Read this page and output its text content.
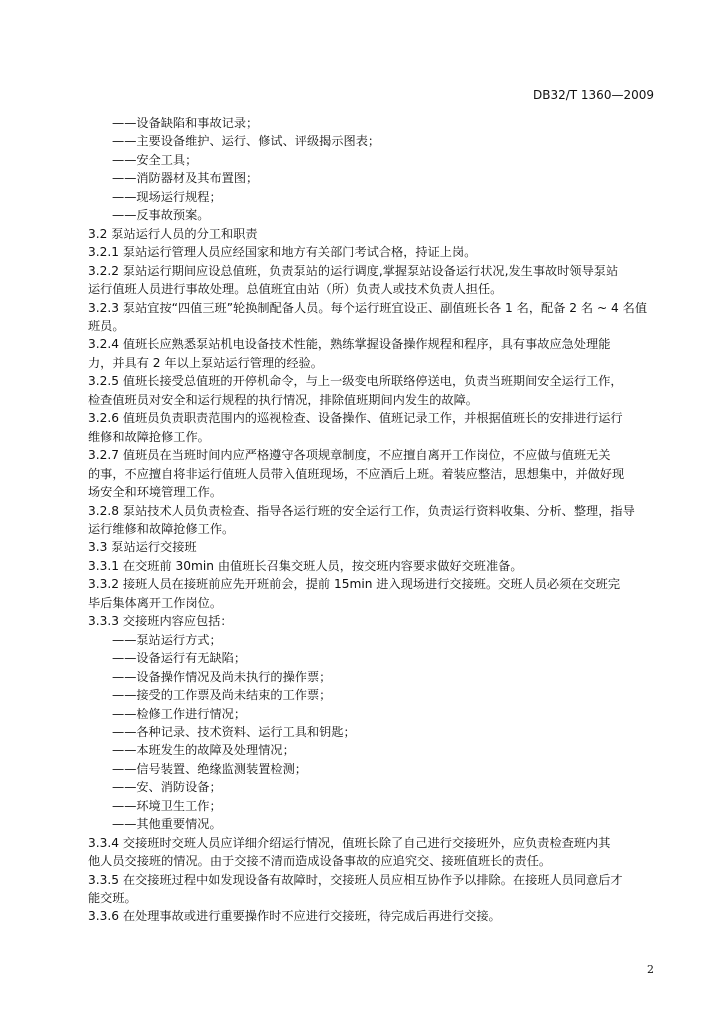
DB32/T 1360—2009
——设备缺陷和事故记录；
——主要设备维护、运行、修试、评级揭示图表；
——安全工具；
——消防器材及其布置图；
——现场运行规程；
——反事故预案。
3.2 泵站运行人员的分工和职责
3.2.1 泵站运行管理人员应经国家和地方有关部门考试合格，持证上岗。
3.2.2 泵站运行期间应设总值班，负责泵站的运行调度,掌握泵站设备运行状况,发生事故时领导泵站
运行值班人员进行事故处理。总值班宜由站（所）负责人或技术负责人担任。
3.2.3 泵站宜按“四值三班”轮换制配备人员。每个运行班宜设正、副值班长各 1 名，配备 2 名 ~ 4 名值
班员。
3.2.4 值班长应熟悉泵站机电设备技术性能，熟练掌握设备操作规程和程序，具有事故应急处理能
力，并具有 2 年以上泵站运行管理的经验。
3.2.5 值班长接受总值班的开停机命令，与上一级变电所联络停送电，负责当班期间安全运行工作，
检查值班员对安全和运行规程的执行情况，排除值班期间内发生的故障。
3.2.6 值班员负责职责范围内的巡视检查、设备操作、值班记录工作，并根据值班长的安排进行运行
维修和故障抢修工作。
3.2.7 值班员在当班时间内应严格遵守各项规章制度，不应擅自离开工作岗位，不应做与值班无关
的事，不应擅自将非运行值班人员带入值班现场，不应酒后上班。着装应整洁，思想集中，并做好现
场安全和环境管理工作。
3.2.8 泵站技术人员负责检查、指导各运行班的安全运行工作，负责运行资料收集、分析、整理，指导
运行维修和故障抢修工作。
3.3 泵站运行交接班
3.3.1 在交班前 30min 由值班长召集交班人员，按交班内容要求做好交班准备。
3.3.2 接班人员在接班前应先开班前会，提前 15min 进入现场进行交接班。交班人员必须在交班完
毕后集体离开工作岗位。
3.3.3 交接班内容应包括：
——泵站运行方式；
——设备运行有无缺陷；
——设备操作情况及尚未执行的操作票；
——接受的工作票及尚未结束的工作票；
——检修工作进行情况；
——各种记录、技术资料、运行工具和钥匙；
——本班发生的故障及处理情况；
——信号装置、绝缘监测装置检测；
——安、消防设备；
——环境卫生工作；
——其他重要情况。
3.3.4 交接班时交班人员应详细介绍运行情况，值班长除了自己进行交接班外，应负责检查班内其
他人员交接班的情况。由于交接不清而造成设备事故的应追究交、接班值班长的责任。
3.3.5 在交接班过程中如发现设备有故障时，交接班人员应相互协作予以排除。在接班人员同意后才
能交班。
3.3.6 在处理事故或进行重要操作时不应进行交接班，待完成后再进行交接。
2
